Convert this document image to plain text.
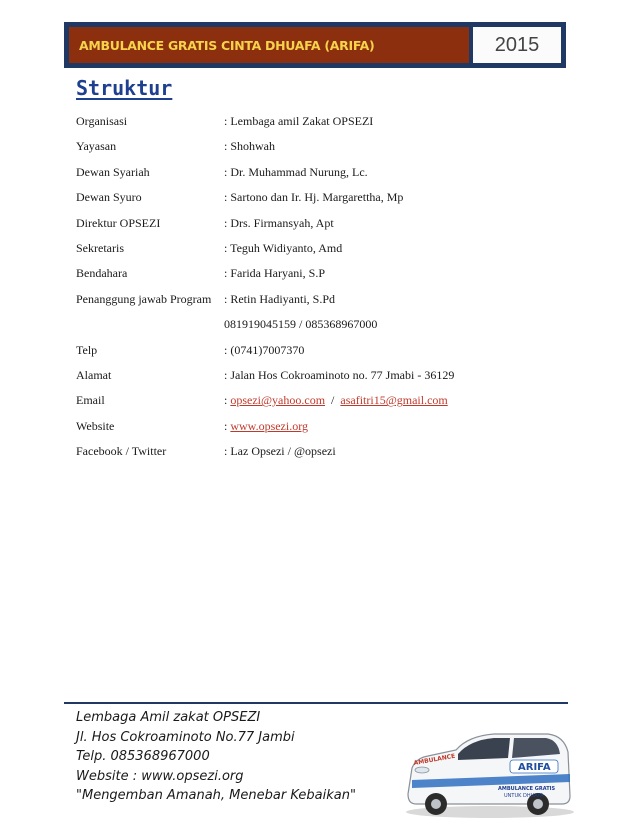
AMBULANCE GRATIS CINTA DHUAFA (ARIFA)	2015
Struktur
Organisasi	: Lembaga amil Zakat OPSEZI
Yayasan	: Shohwah
Dewan Syariah	: Dr. Muhammad Nurung, Lc.
Dewan Syuro	: Sartono dan Ir. Hj. Margarettha, Mp
Direktur OPSEZI	: Drs. Firmansyah, Apt
Sekretaris	: Teguh Widiyanto, Amd
Bendahara	: Farida Haryani, S.P
Penanggung jawab Program	: Retin Hadiyanti, S.Pd
081919045159 / 085368967000
Telp	: (0741)7007370
Alamat	: Jalan Hos Cokroaminoto no. 77 Jmabi - 36129
Email	: opsezi@yahoo.com  /  asafitri15@gmail.com
Website	: www.opsezi.org
Facebook / Twitter	: Laz Opsezi / @opsezi
Lembaga Amil zakat OPSEZI
Jl. Hos Cokroaminoto No.77 Jambi
Telp. 085368967000
Website : www.opsezi.org
"Mengemban Amanah, Menebar Kebaikan"
AMBULANCE
ARIFA
AMBULANCE GRATIS
UNTUK DHUAFA
